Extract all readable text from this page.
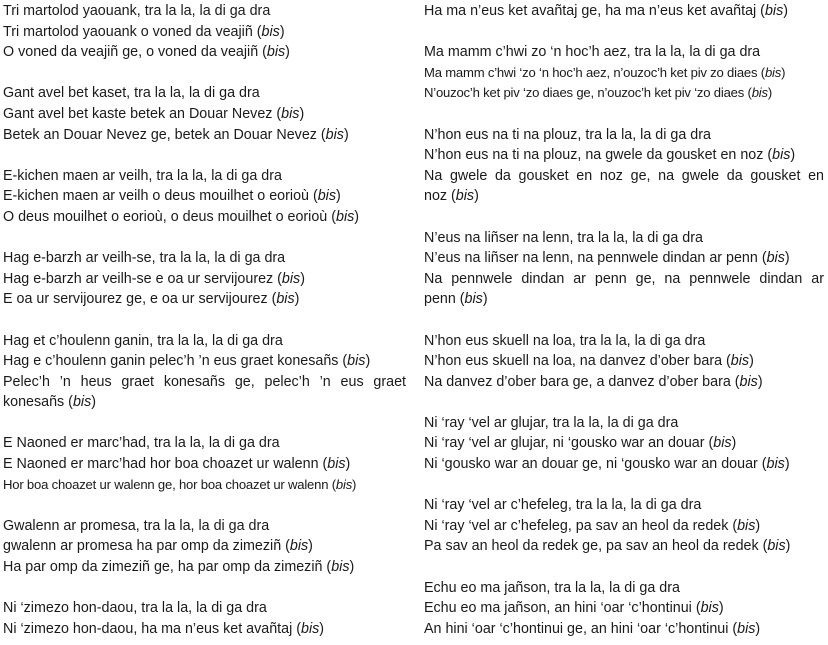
Tri martolod yaouank, tra la la, la di ga dra
Tri martolod yaouank o voned da veajiñ (bis)
O voned da veajiñ ge, o voned da veajiñ (bis)
Gant avel bet kaset, tra la la, la di ga dra
Gant avel bet kaste betek an Douar Nevez (bis)
Betek an Douar Nevez ge, betek an Douar Nevez (bis)
E-kichen maen ar veilh, tra la la, la di ga dra
E-kichen maen ar veilh o deus mouilhet o eorioù (bis)
O deus mouilhet o eorioù, o deus mouilhet o eorioù (bis)
Hag e-barzh ar veilh-se, tra la la, la di ga dra
Hag e-barzh ar veilh-se e oa ur servijourez (bis)
E oa ur servijourez ge, e oa ur servijourez (bis)
Hag et c’houlenn ganin, tra la la, la di ga dra
Hag e c’houlenn ganin pelec’h ’n eus graet konesañs (bis)
Pelec’h ’n heus graet konesañs ge, pelec’h ’n eus graet
konesañs (bis)
E Naoned er marc’had, tra la la, la di ga dra
E Naoned er marc’had hor boa choazet ur walenn (bis)
Hor boa choazet ur walenn ge, hor boa choazet ur walenn (bis)
Gwalenn ar promesa, tra la la, la di ga dra
gwalenn ar promesa ha par omp da zimeziñ (bis)
Ha par omp da zimeziñ ge, ha par omp da zimeziñ (bis)
Ni ‘zimezo hon-daou, tra la la, la di ga dra
Ni ‘zimezo hon-daou, ha ma n’eus ket avañtaj (bis)
Ha ma n’eus ket avañtaj ge, ha ma n’eus ket avañtaj (bis)
Ma mamm c’hwi zo ‘n hoc’h aez, tra la la, la di ga dra
Ma mamm c’hwi ‘zo ‘n hoc’h aez, n’ouzoc’h ket piv zo diaes (bis)
N’ouzoc’h ket piv ‘zo diaes ge, n’ouzoc’h ket piv ‘zo diaes (bis)
N’hon eus na ti na plouz, tra la la, la di ga dra
N’hon eus na ti na plouz, na gwele da gousket en noz (bis)
Na gwele da gousket en noz ge, na gwele da gousket en
noz (bis)
N’eus na liñser na lenn, tra la la, la di ga dra
N’eus na liñser na lenn, na pennwele dindan ar penn (bis)
Na pennwele dindan ar penn ge, na pennwele dindan ar
penn (bis)
N’hon eus skuell na loa, tra la la, la di ga dra
N’hon eus skuell na loa, na danvez d’ober bara (bis)
Na danvez d’ober bara ge, a danvez d’ober bara (bis)
Ni ‘ray ‘vel ar glujar, tra la la, la di ga dra
Ni ‘ray ‘vel ar glujar, ni ‘gousko war an douar (bis)
Ni ‘gousko war an douar ge, ni ‘gousko war an douar (bis)
Ni ‘ray ‘vel ar c’hefeleg, tra la la, la di ga dra
Ni ‘ray ‘vel ar c’hefeleg, pa sav an heol da redek (bis)
Pa sav an heol da redek ge, pa sav an heol da redek (bis)
Echu eo ma jañson, tra la la, la di ga dra
Echu eo ma jañson, an hini ‘oar ‘c’hontinui (bis)
An hini ‘oar ‘c’hontinui ge, an hini ‘oar ‘c’hontinui (bis)
